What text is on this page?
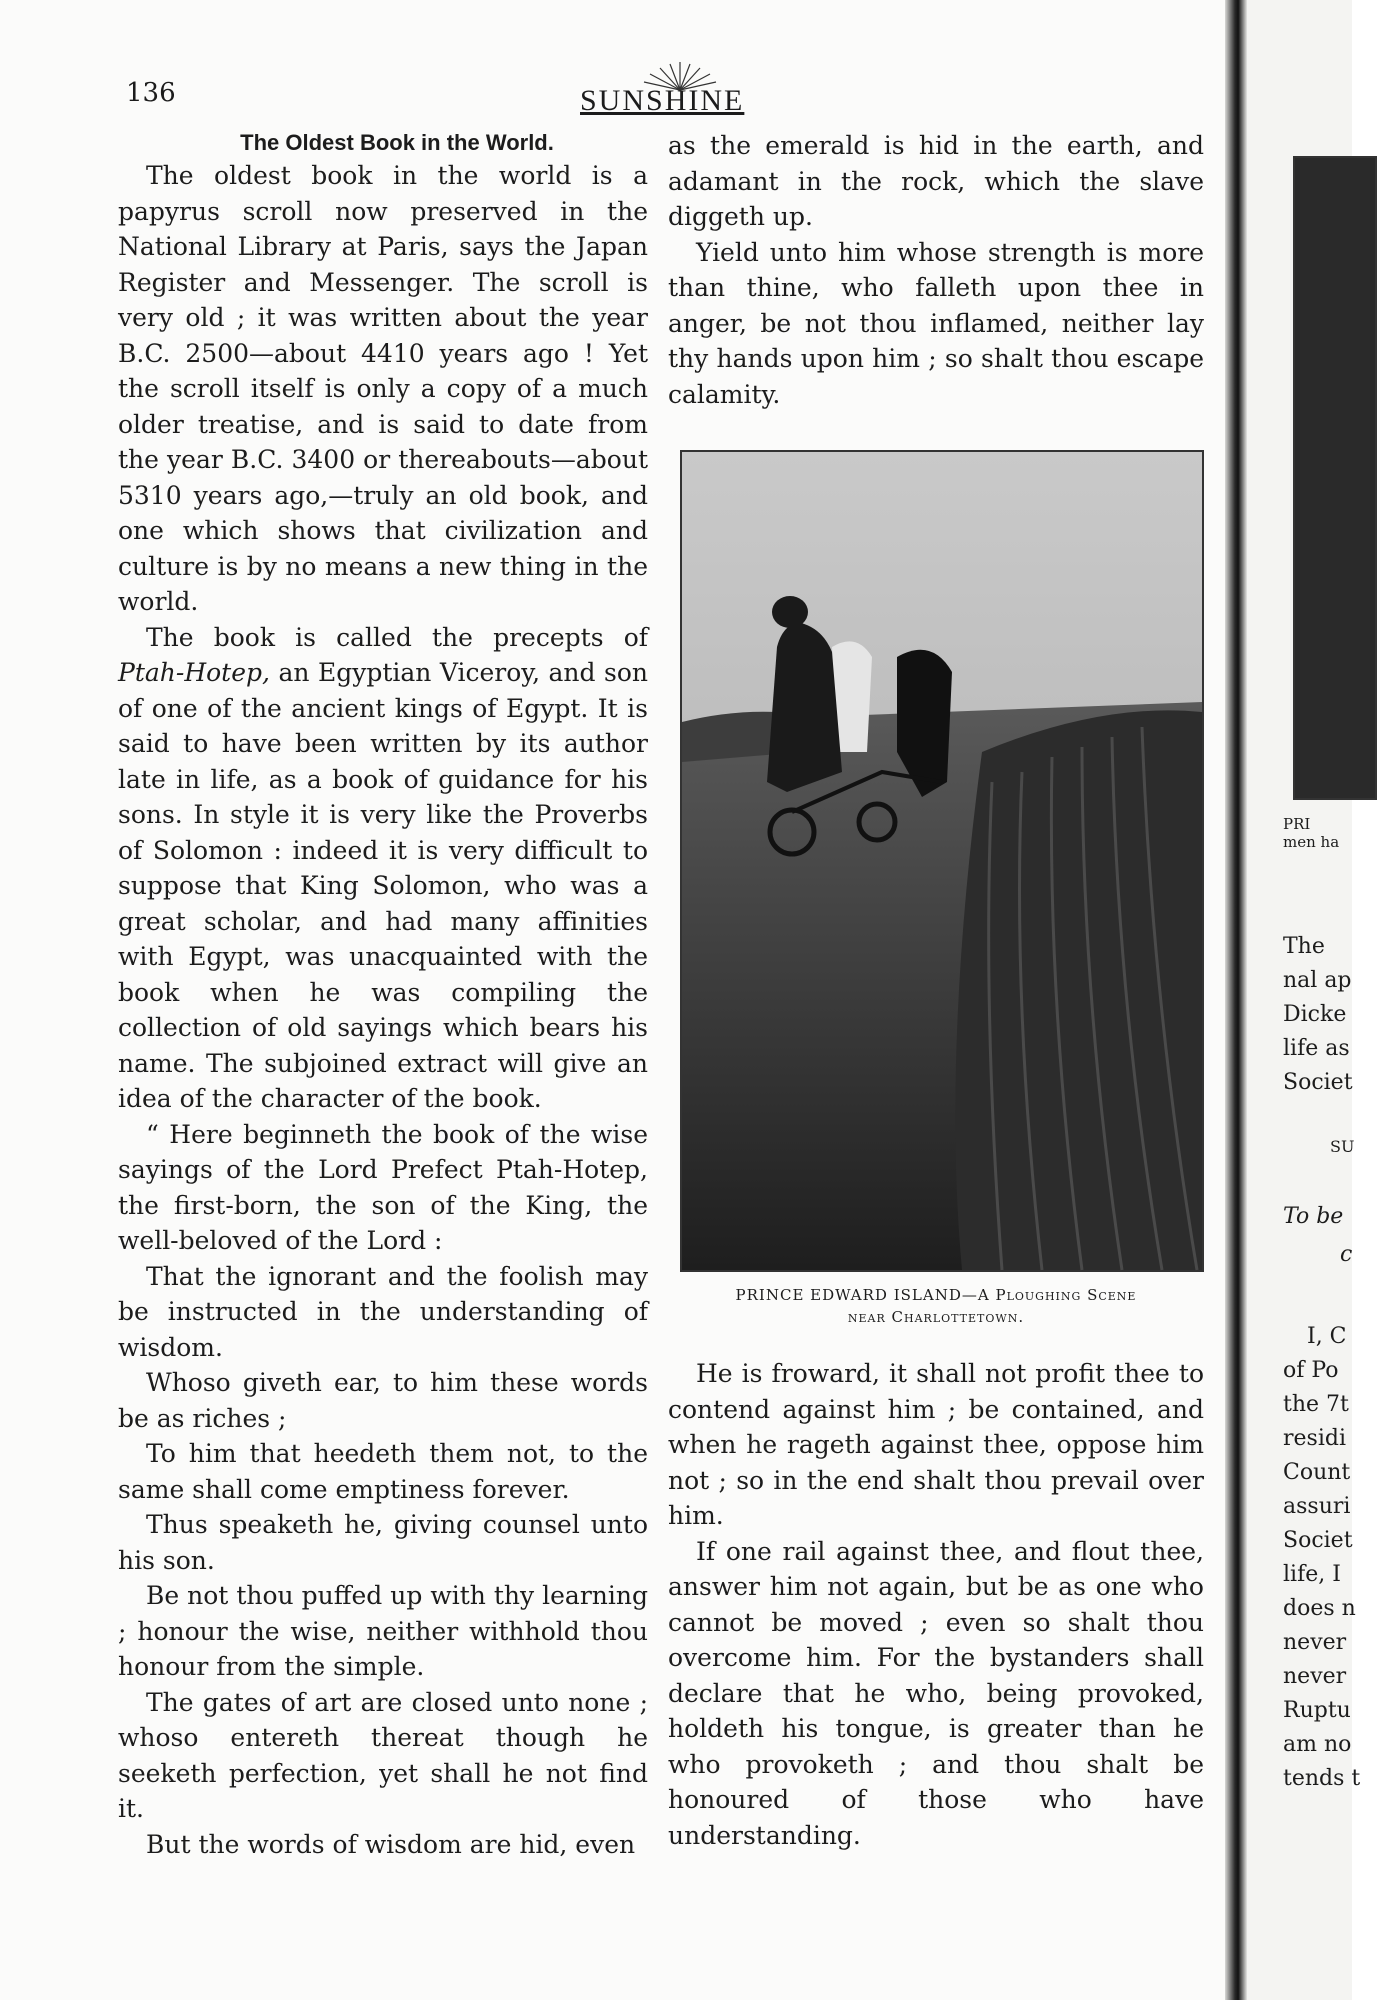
136	SUNSHINE

The Oldest Book in the World.

The oldest book in the world is a papyrus scroll now preserved in the National Library at Paris, says the Japan Register and Messenger. The scroll is very old ; it was written about the year B.C. 2500—about 4410 years ago ! Yet the scroll itself is only a copy of a much older treatise, and is said to date from the year B.C. 3400 or thereabouts—about 5310 years ago,—truly an old book, and one which shows that civilization and culture is by no means a new thing in the world.

The book is called the precepts of Ptah-Hotep, an Egyptian Viceroy, and son of one of the ancient kings of Egypt. It is said to have been written by its author late in life, as a book of guidance for his sons. In style it is very like the Proverbs of Solomon : indeed it is very difficult to suppose that King Solomon, who was a great scholar, and had many affinities with Egypt, was unacquainted with the book when he was compiling the collection of old sayings which bears his name. The subjoined extract will give an idea of the character of the book.

“ Here beginneth the book of the wise sayings of the Lord Prefect Ptah-Hotep, the first-born, the son of the King, the well-beloved of the Lord :

That the ignorant and the foolish may be instructed in the understanding of wisdom.

Whoso giveth ear, to him these words be as riches ;

To him that heedeth them not, to the same shall come emptiness forever.

Thus speaketh he, giving counsel unto his son.

Be not thou puffed up with thy learning ; honour the wise, neither withhold thou honour from the simple.

The gates of art are closed unto none ; whoso entereth thereat though he seeketh perfection, yet shall he not find it.

But the words of wisdom are hid, even

as the emerald is hid in the earth, and adamant in the rock, which the slave diggeth up.

Yield unto him whose strength is more than thine, who falleth upon thee in anger, be not thou inflamed, neither lay thy hands upon him ; so shalt thou escape calamity.

PRINCE EDWARD ISLAND—A Ploughing Scene
near Charlottetown.

He is froward, it shall not profit thee to contend against him ; be contained, and when he rageth against thee, oppose him not ; so in the end shalt thou prevail over him.

If one rail against thee, and flout thee, answer him not again, but be as one who cannot be moved ; even so shalt thou overcome him. For the bystanders shall declare that he who, being provoked, holdeth his tongue, is greater than he who provoketh ; and thou shalt be honoured of those who have understanding.

PRI
men ha
The
nal ap
Dicke
life as
Societ
SU
To be
c
I, C
of Po
the 7t
residi
Count
assuri
Societ
life, I
does n
never
never
Ruptu
am no
tends t
